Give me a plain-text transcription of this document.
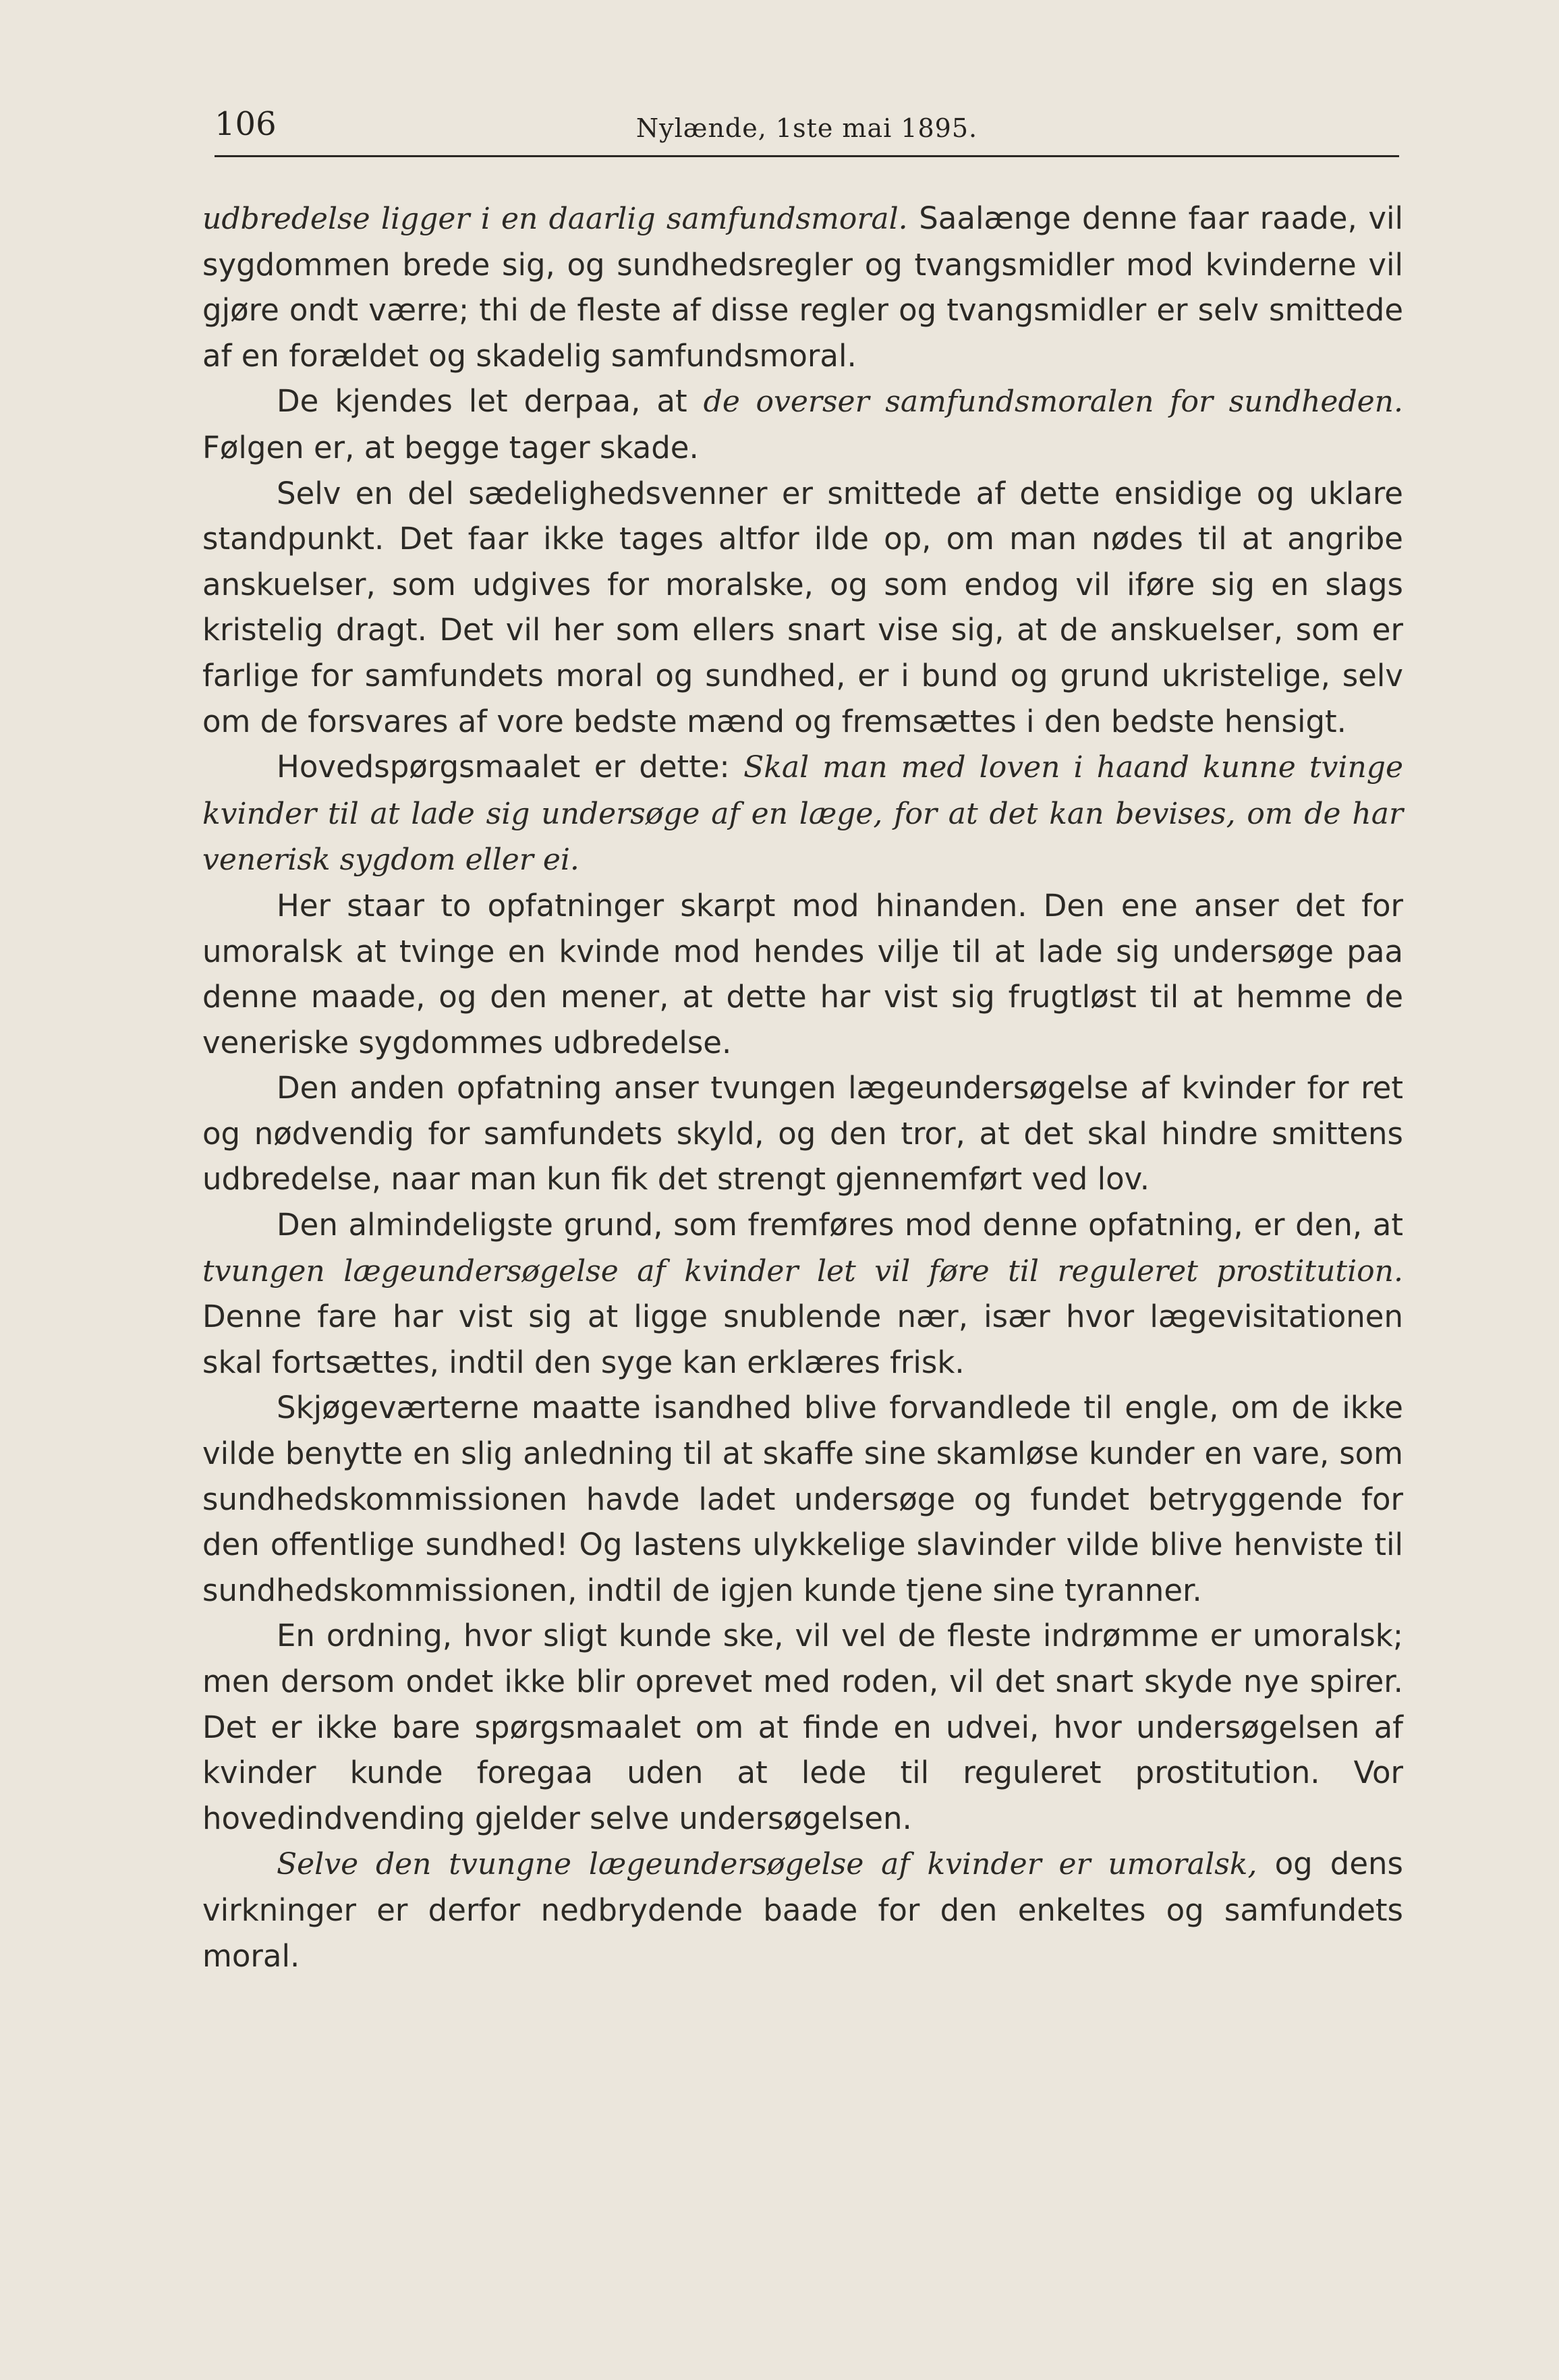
106	Nylænde, 1ste mai 1895.

udbredelse ligger i en daarlig samfundsmoral. Saalænge denne faar raade, vil sygdommen brede sig, og sundhedsregler og tvangsmidler mod kvinderne vil gjøre ondt værre; thi de fleste af disse regler og tvangsmidler er selv smittede af en forældet og skadelig samfundsmoral.

De kjendes let derpaa, at de overser samfundsmoralen for sundheden. Følgen er, at begge tager skade.

Selv en del sædelighedsvenner er smittede af dette ensidige og uklare standpunkt. Det faar ikke tages altfor ilde op, om man nødes til at angribe anskuelser, som udgives for moralske, og som endog vil iføre sig en slags kristelig dragt. Det vil her som ellers snart vise sig, at de anskuelser, som er farlige for samfundets moral og sundhed, er i bund og grund ukristelige, selv om de forsvares af vore bedste mænd og fremsættes i den bedste hensigt.

Hovedspørgsmaalet er dette: Skal man med loven i haand kunne tvinge kvinder til at lade sig undersøge af en læge, for at det kan bevises, om de har venerisk sygdom eller ei.

Her staar to opfatninger skarpt mod hinanden. Den ene anser det for umoralsk at tvinge en kvinde mod hendes vilje til at lade sig undersøge paa denne maade, og den mener, at dette har vist sig frugtløst til at hemme de veneriske sygdommes udbredelse.

Den anden opfatning anser tvungen lægeundersøgelse af kvinder for ret og nødvendig for samfundets skyld, og den tror, at det skal hindre smittens udbredelse, naar man kun fik det strengt gjennemført ved lov.

Den almindeligste grund, som fremføres mod denne opfatning, er den, at tvungen lægeundersøgelse af kvinder let vil føre til reguleret prostitution. Denne fare har vist sig at ligge snublende nær, især hvor lægevisitationen skal fortsættes, indtil den syge kan erklæres frisk.

Skjøgeværterne maatte isandhed blive forvandlede til engle, om de ikke vilde benytte en slig anledning til at skaffe sine skamløse kunder en vare, som sundhedskommissionen havde ladet undersøge og fundet betryggende for den offentlige sundhed! Og lastens ulykkelige slavinder vilde blive henviste til sundhedskommissionen, indtil de igjen kunde tjene sine tyranner.

En ordning, hvor sligt kunde ske, vil vel de fleste indrømme er umoralsk; men dersom ondet ikke blir oprevet med roden, vil det snart skyde nye spirer. Det er ikke bare spørgsmaalet om at finde en udvei, hvor undersøgelsen af kvinder kunde foregaa uden at lede til reguleret prostitution. Vor hovedindvending gjelder selve undersøgelsen.

Selve den tvungne lægeundersøgelse af kvinder er umoralsk, og dens virkninger er derfor nedbrydende baade for den enkeltes og samfundets moral.
